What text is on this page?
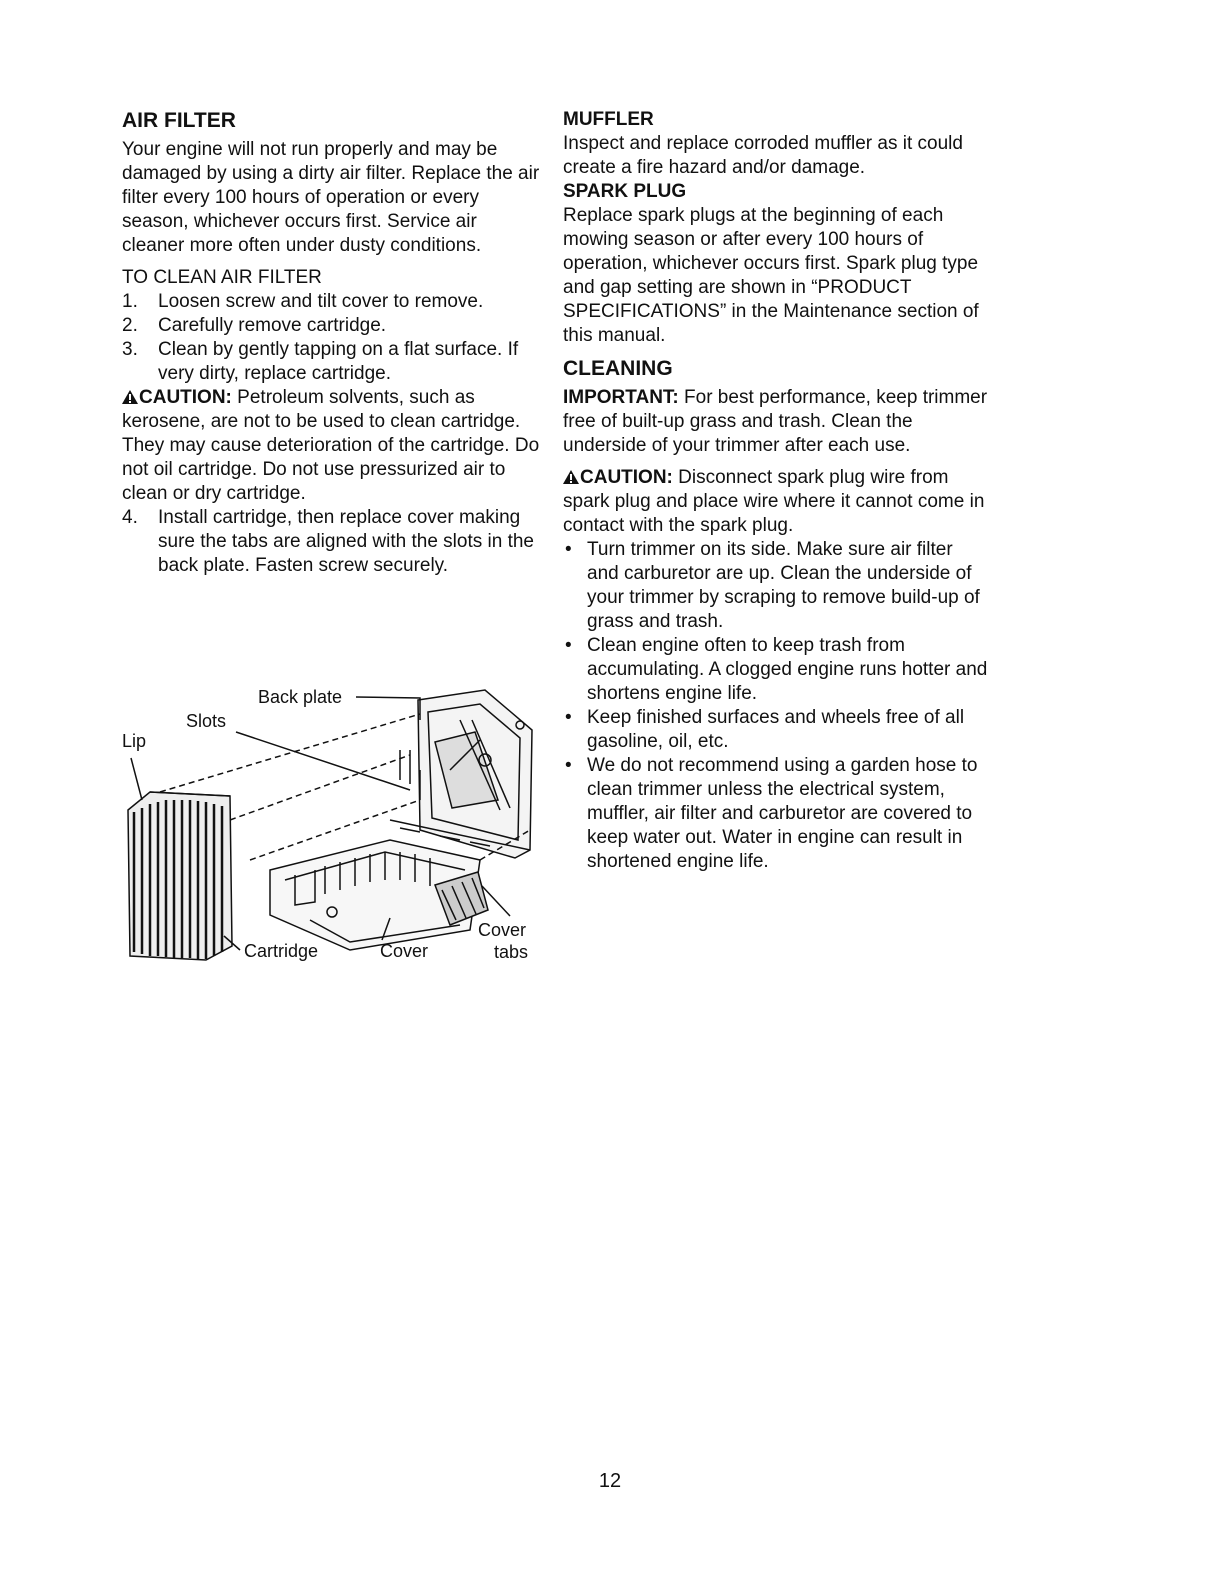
AIR FILTER

Your engine will not run properly and may be damaged by using a dirty air filter. Replace the air filter every 100 hours of operation or every season, whichever occurs first. Service air cleaner more often under dusty conditions.

TO CLEAN AIR FILTER

1. Loosen screw and tilt cover to remove.
2. Carefully remove cartridge.
3. Clean by gently tapping on a flat surface. If very dirty, replace cartridge.

CAUTION: Petroleum solvents, such as kerosene, are not to be used to clean cartridge. They may cause deterioration of the cartridge. Do not oil cartridge. Do not use pressurized air to clean or dry cartridge.

4. Install cartridge, then replace cover making sure the tabs are aligned with the slots in the back plate. Fasten screw securely.
Back plate
Slots
Lip
Cartridge	Cover
Cover
tabs
MUFFLER

Inspect and replace corroded muffler as it could create a fire hazard and/or damage.

SPARK PLUG

Replace spark plugs at the beginning of each mowing season or after every 100 hours of operation, whichever occurs first. Spark plug type and gap setting are shown in “PRODUCT SPECIFICATIONS” in the Maintenance section of this manual.

CLEANING

IMPORTANT: For best performance, keep trimmer free of built-up grass and trash. Clean the underside of your trimmer after each use.

CAUTION: Disconnect spark plug wire from spark plug and place wire where it cannot come in contact with the spark plug.

• Turn trimmer on its side. Make sure air filter and carburetor are up. Clean the underside of your trimmer by scraping to remove build-up of grass and trash.
• Clean engine often to keep trash from accumulating. A clogged engine runs hotter and shortens engine life.
• Keep finished surfaces and wheels free of all gasoline, oil, etc.
• We do not recommend using a garden hose to clean trimmer unless the electrical system, muffler, air filter and carburetor are covered to keep water out. Water in engine can result in shortened engine life.
12
